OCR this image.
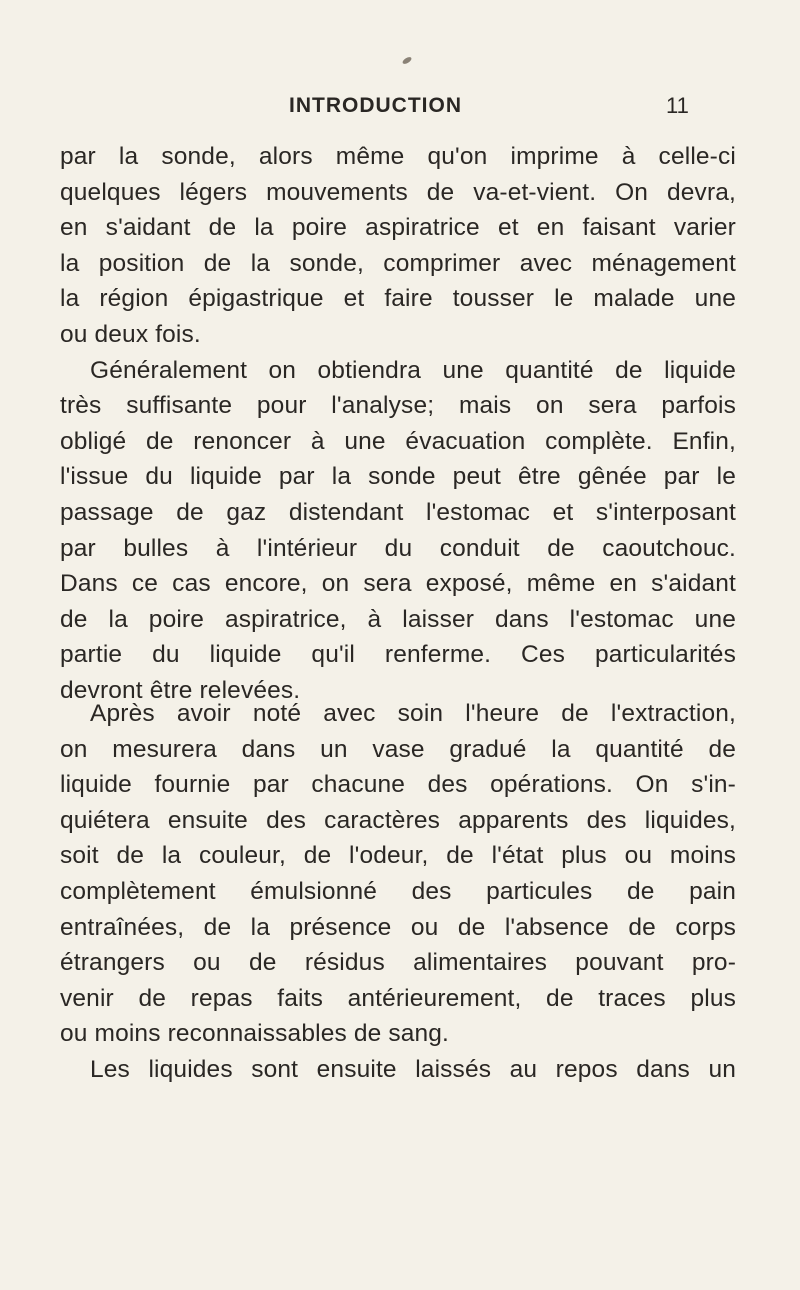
INTRODUCTION	11
par la sonde, alors même qu'on imprime à celle-ci
quelques légers mouvements de va-et-vient. On devra,
en s'aidant de la poire aspiratrice et en faisant varier
la position de la sonde, comprimer avec ménagement
la région épigastrique et faire tousser le malade une
ou deux fois.
Généralement on obtiendra une quantité de liquide
très suffisante pour l'analyse; mais on sera parfois
obligé de renoncer à une évacuation complète. Enfin,
l'issue du liquide par la sonde peut être gênée par le
passage de gaz distendant l'estomac et s'interposant
par bulles à l'intérieur du conduit de caoutchouc.
Dans ce cas encore, on sera exposé, même en s'aidant
de la poire aspiratrice, à laisser dans l'estomac une
partie du liquide qu'il renferme. Ces particularités
devront être relevées.
Après avoir noté avec soin l'heure de l'extraction,
on mesurera dans un vase gradué la quantité de
liquide fournie par chacune des opérations. On s'in-
quiétera ensuite des caractères apparents des liquides,
soit de la couleur, de l'odeur, de l'état plus ou moins
complètement émulsionné des particules de pain
entraînées, de la présence ou de l'absence de corps
étrangers ou de résidus alimentaires pouvant pro-
venir de repas faits antérieurement, de traces plus
ou moins reconnaissables de sang.
Les liquides sont ensuite laissés au repos dans un
